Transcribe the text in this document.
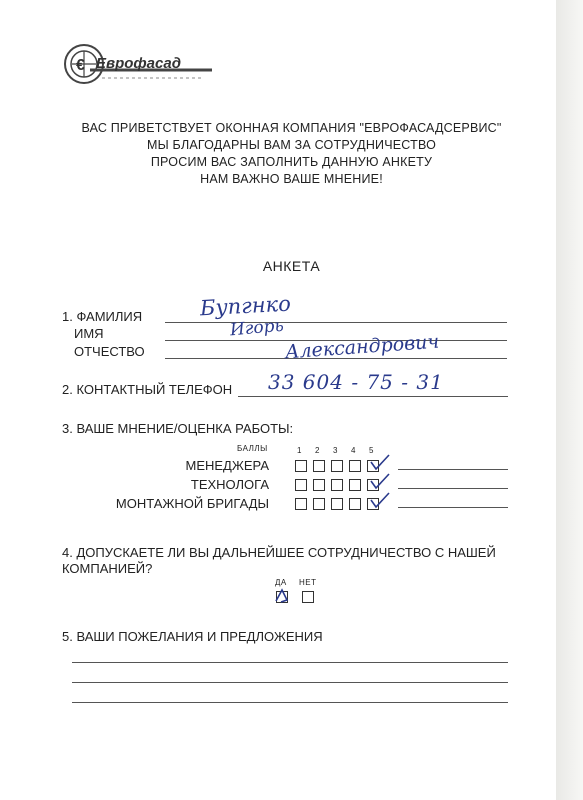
€ Еврофасад
ВАС ПРИВЕТСТВУЕТ ОКОННАЯ КОМПАНИЯ "ЕВРОФАСАДСЕРВИС"
МЫ БЛАГОДАРНЫ ВАМ ЗА СОТРУДНИЧЕСТВО
ПРОСИМ ВАС ЗАПОЛНИТЬ ДАННУЮ АНКЕТУ
НАМ ВАЖНО ВАШЕ МНЕНИЕ!
АНКЕТА
1. ФАМИЛИЯ
ИМЯ
ОТЧЕСТВО
Бупгнко
Игорь
Александрович
2. КОНТАКТНЫЙ ТЕЛЕФОН 33 604 - 75 - 31
3. ВАШЕ МНЕНИЕ/ОЦЕНКА РАБОТЫ:
БАЛЛЫ	1 2 3 4 5
МЕНЕДЖЕРА
ТЕХНОЛОГА
МОНТАЖНОЙ БРИГАДЫ
4. ДОПУСКАЕТЕ ЛИ ВЫ ДАЛЬНЕЙШЕЕ СОТРУДНИЧЕСТВО С НАШЕЙ
КОМПАНИЕЙ?
ДА НЕТ
5. ВАШИ ПОЖЕЛАНИЯ И ПРЕДЛОЖЕНИЯ
